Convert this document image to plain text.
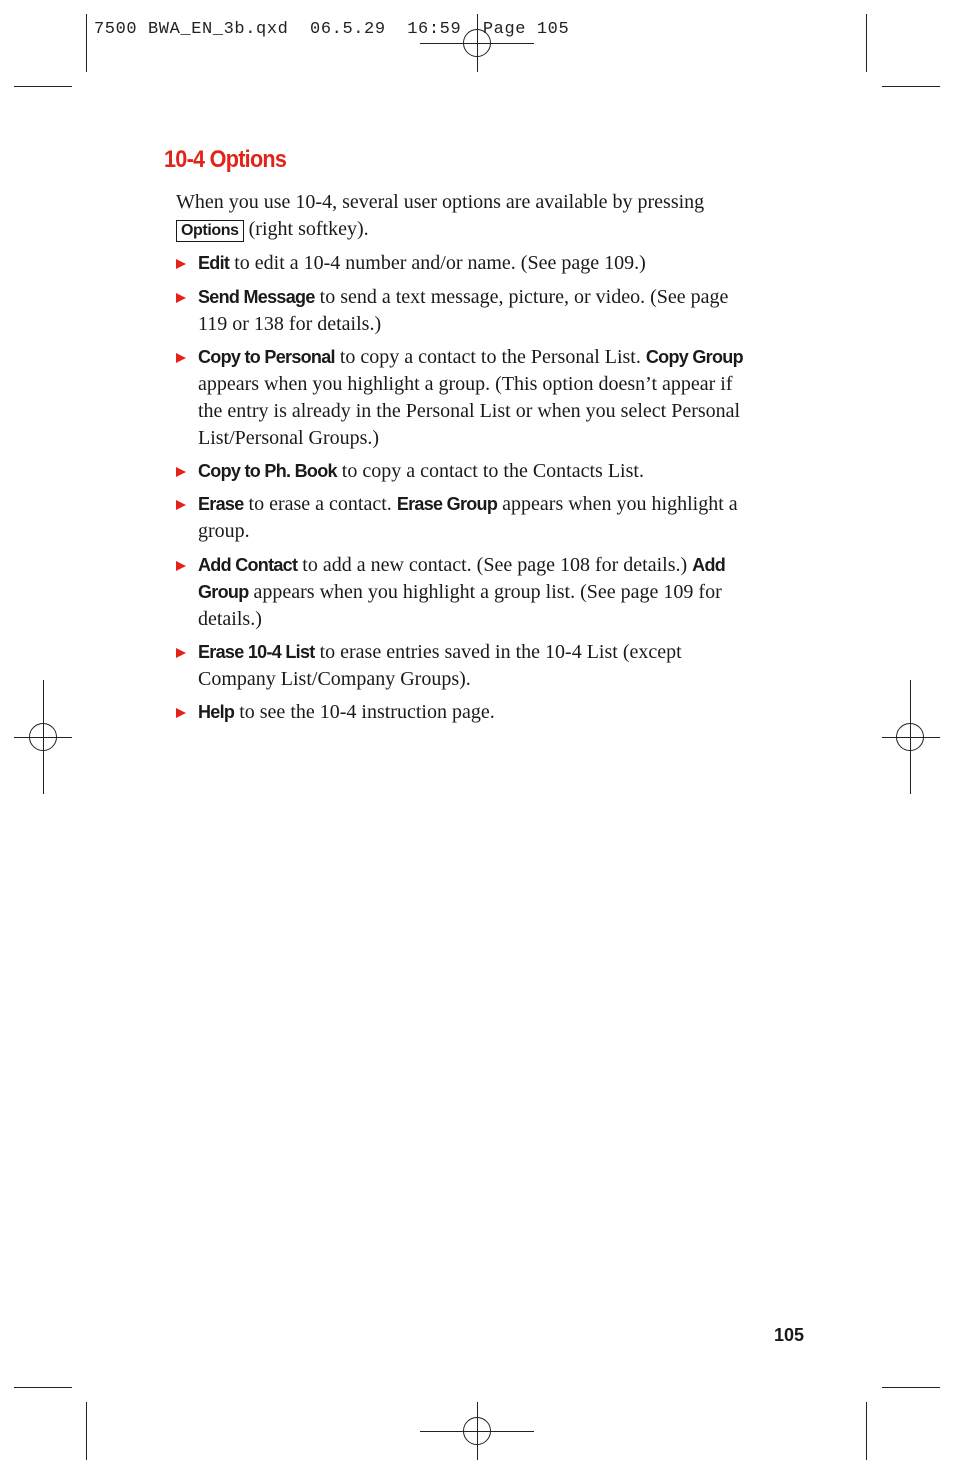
7500 BWA_EN_3b.qxd  06.5.29  16:59  Page 105
10-4 Options

When you use 10-4, several user options are available by pressing Options (right softkey).

Edit to edit a 10-4 number and/or name. (See page 109.)
Send Message to send a text message, picture, or video. (See page 119 or 138 for details.)
Copy to Personal to copy a contact to the Personal List. Copy Group appears when you highlight a group. (This option doesn’t appear if the entry is already in the Personal List or when you select Personal List/Personal Groups.)
Copy to Ph. Book to copy a contact to the Contacts List.
Erase to erase a contact. Erase Group appears when you highlight a group.
Add Contact to add a new contact. (See page 108 for details.) Add Group appears when you highlight a group list. (See page 109 for details.)
Erase 10-4 List to erase entries saved in the 10-4 List (except Company List/Company Groups).
Help to see the 10-4 instruction page.
105
